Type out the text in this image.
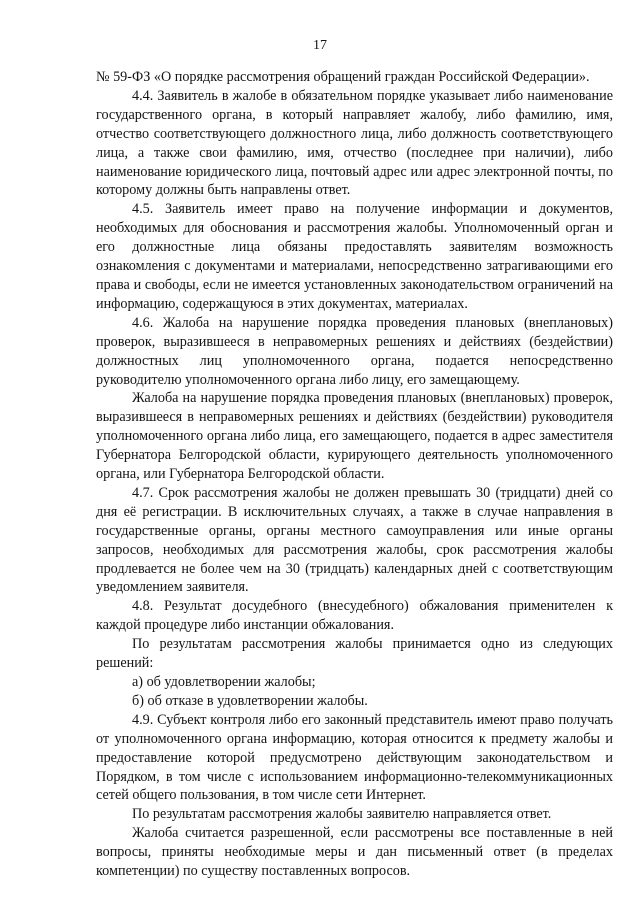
17

№ 59-ФЗ «О порядке рассмотрения обращений граждан Российской Федерации».

4.4. Заявитель в жалобе в обязательном порядке указывает либо наименование государственного органа, в который направляет жалобу, либо фамилию, имя, отчество соответствующего должностного лица, либо должность соответствующего лица, а также свои фамилию, имя, отчество (последнее при наличии), либо наименование юридического лица, почтовый адрес или адрес электронной почты, по которому должны быть направлены ответ.

4.5. Заявитель имеет право на получение информации и документов, необходимых для обоснования и рассмотрения жалобы. Уполномоченный орган и его должностные лица обязаны предоставлять заявителям возможность ознакомления с документами и материалами, непосредственно затрагивающими его права и свободы, если не имеется установленных законодательством ограничений на информацию, содержащуюся в этих документах, материалах.

4.6. Жалоба на нарушение порядка проведения плановых (внеплановых) проверок, выразившееся в неправомерных решениях и действиях (бездействии) должностных лиц уполномоченного органа, подается непосредственно руководителю уполномоченного органа либо лицу, его замещающему.

Жалоба на нарушение порядка проведения плановых (внеплановых) проверок, выразившееся в неправомерных решениях и действиях (бездействии) руководителя уполномоченного органа либо лица, его замещающего, подается в адрес заместителя Губернатора Белгородской области, курирующего деятельность уполномоченного органа, или Губернатора Белгородской области.

4.7. Срок рассмотрения жалобы не должен превышать 30 (тридцати) дней со дня её регистрации. В исключительных случаях, а также в случае направления в государственные органы, органы местного самоуправления или иные органы запросов, необходимых для рассмотрения жалобы, срок рассмотрения жалобы продлевается не более чем на 30 (тридцать) календарных дней с соответствующим уведомлением заявителя.

4.8. Результат досудебного (внесудебного) обжалования применителен к каждой процедуре либо инстанции обжалования.

По результатам рассмотрения жалобы принимается одно из следующих решений:

а) об удовлетворении жалобы;

б) об отказе в удовлетворении жалобы.

4.9. Субъект контроля либо его законный представитель имеют право получать от уполномоченного органа информацию, которая относится к предмету жалобы и предоставление которой предусмотрено действующим законодательством и Порядком, в том числе с использованием информационно-телекоммуникационных сетей общего пользования, в том числе сети Интернет.

По результатам рассмотрения жалобы заявителю направляется ответ.

Жалоба считается разрешенной, если рассмотрены все поставленные в ней вопросы, приняты необходимые меры и дан письменный ответ (в пределах компетенции) по существу поставленных вопросов.
